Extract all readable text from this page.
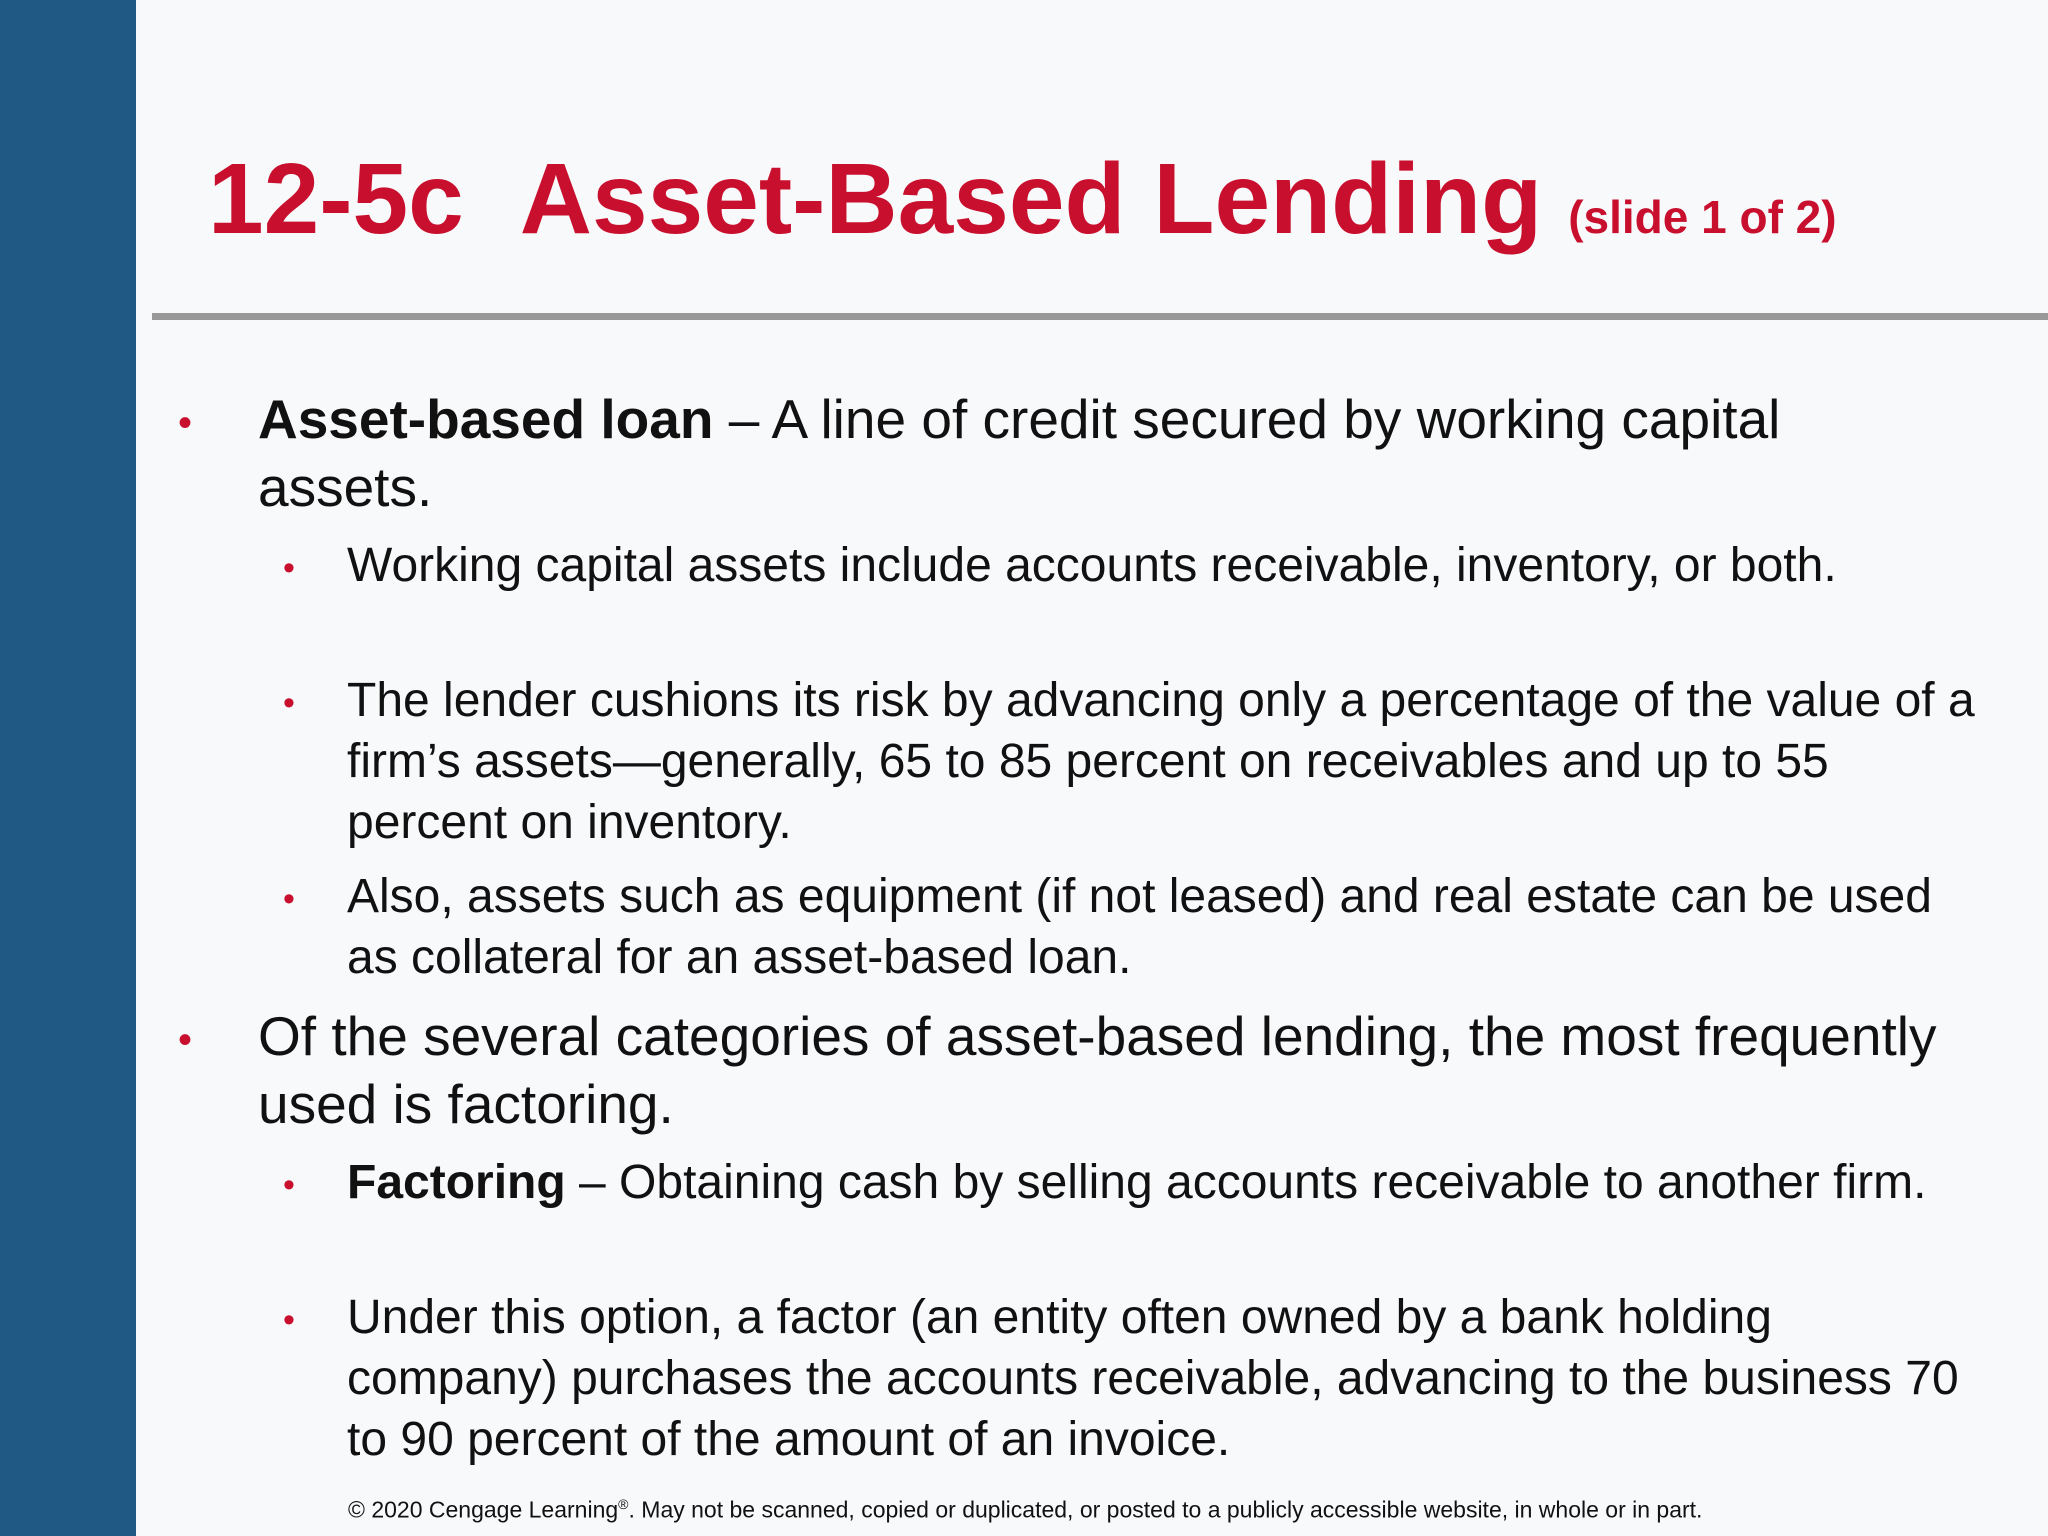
12-5c Asset-Based Lending (slide 1 of 2)
• Asset-based loan – A line of credit secured by working capital assets.
• Working capital assets include accounts receivable, inventory, or both.
• The lender cushions its risk by advancing only a percentage of the value of a firm’s assets—generally, 65 to 85 percent on receivables and up to 55 percent on inventory.
• Also, assets such as equipment (if not leased) and real estate can be used as collateral for an asset-based loan.
• Of the several categories of asset-based lending, the most frequently used is factoring.
• Factoring – Obtaining cash by selling accounts receivable to another firm.
• Under this option, a factor (an entity often owned by a bank holding company) purchases the accounts receivable, advancing to the business 70 to 90 percent of the amount of an invoice.
© 2020 Cengage Learning®. May not be scanned, copied or duplicated, or posted to a publicly accessible website, in whole or in part.
